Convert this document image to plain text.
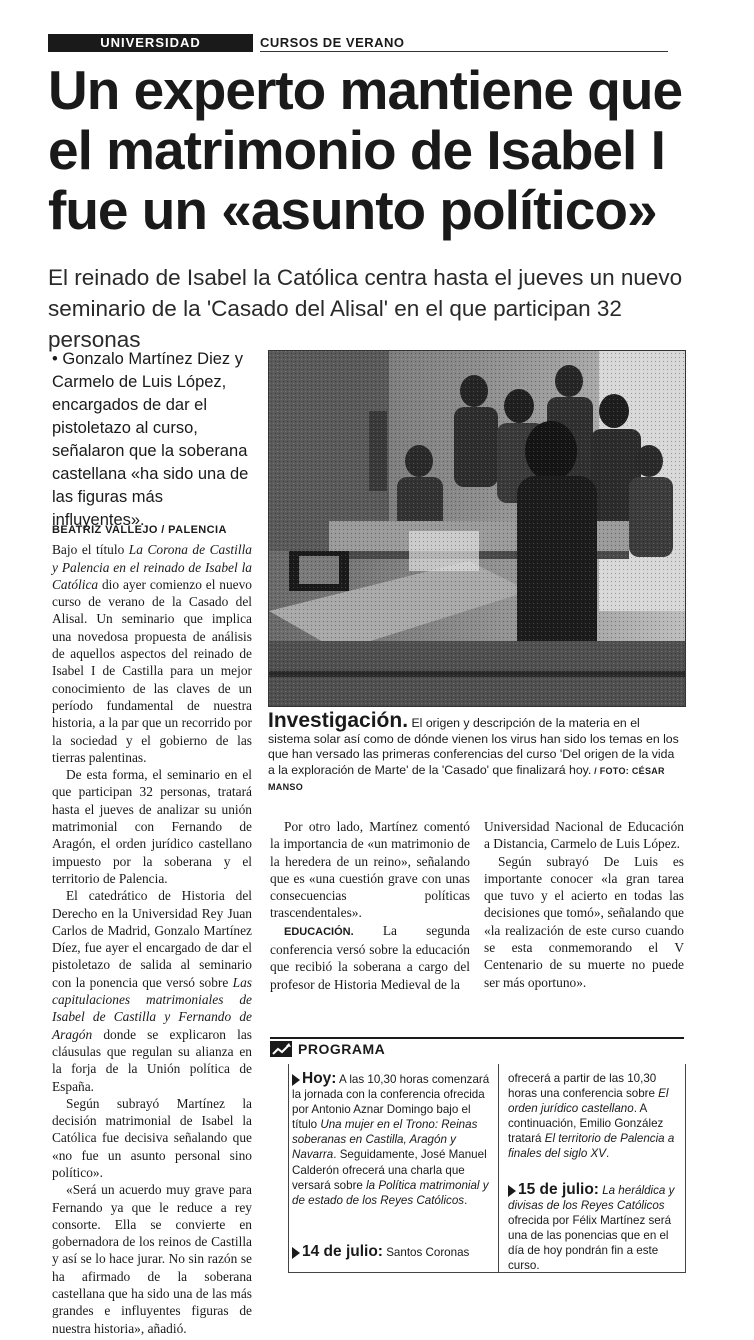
UNIVERSIDAD	CURSOS DE VERANO
Un experto mantiene que el matrimonio de Isabel I fue un «asunto político»

El reinado de Isabel la Católica centra hasta el jueves un nuevo seminario de la 'Casado del Alisal' en el que participan 32 personas

• Gonzalo Martínez Diez y Carmelo de Luis López, encargados de dar el pistoletazo al curso, señalaron que la soberana castellana «ha sido una de las figuras más influyentes».

BEATRIZ VALLEJO / PALENCIA

Bajo el título La Corona de Castilla y Palencia en el reinado de Isabel la Católica dio ayer comienzo el nuevo curso de verano de la Casado del Alisal. Un seminario que implica una novedosa propuesta de análisis de aquellos aspectos del reinado de Isabel I de Castilla para un mejor conocimiento de las claves de un período fundamental de nuestra historia, a la par que un recorrido por la sociedad y el gobierno de las tierras palentinas.

De esta forma, el seminario en el que participan 32 personas, tratará hasta el jueves de analizar su unión matrimonial con Fernando de Aragón, el orden jurídico castellano impuesto por la soberana y el territorio de Palencia.

El catedrático de Historia del Derecho en la Universidad Rey Juan Carlos de Madrid, Gonzalo Martínez Díez, fue ayer el encargado de dar el pistoletazo de salida al seminario con la ponencia que versó sobre Las capitulaciones matrimoniales de Isabel de Castilla y Fernando de Aragón donde se explicaron las cláusulas que regulan su alianza en la forja de la Unión política de España.

Según subrayó Martínez la decisión matrimonial de Isabel la Católica fue decisiva señalando que «no fue un asunto personal sino político».

«Será un acuerdo muy grave para Fernando ya que le reduce a rey consorte. Ella se convierte en gobernadora de los reinos de Castilla y así se lo hace jurar. No sin razón se ha afirmado de la soberana castellana que ha sido una de las más grandes e influyentes figuras de nuestra historia», añadió.

Investigación. El origen y descripción de la materia en el sistema solar así como de dónde vienen los virus han sido los temas en los que han versado las primeras conferencias del curso 'Del origen de la vida a la exploración de Marte' de la 'Casado' que finalizará hoy. / FOTO: CÉSAR MANSO

Por otro lado, Martínez comentó la importancia de «un matrimonio de la heredera de un reino», señalando que es «una cuestión grave con unas consecuencias políticas trascendentales».

EDUCACIÓN. La segunda conferencia versó sobre la educación que recibió la soberana a cargo del profesor de Historia Medieval de la

Universidad Nacional de Educación a Distancia, Carmelo de Luis López.

Según subrayó De Luis es importante conocer «la gran tarea que tuvo y el acierto en todas las decisiones que tomó», señalando que «la realización de este curso cuando se esta conmemorando el V Centenario de su muerte no puede ser más oportuno».

PROGRAMA
Hoy: A las 10,30 horas comenzará la jornada con la conferencia ofrecida por Antonio Aznar Domingo bajo el título Una mujer en el Trono: Reinas soberanas en Castilla, Aragón y Navarra. Seguidamente, José Manuel Calderón ofrecerá una charla que versará sobre la Política matrimonial y de estado de los Reyes Católicos.
14 de julio: Santos Coronas
ofrecerá a partir de las 10,30 horas una conferencia sobre El orden jurídico castellano. A continuación, Emilio González tratará El territorio de Palencia a finales del siglo XV.
15 de julio: La heráldica y divisas de los Reyes Católicos ofrecida por Félix Martínez será una de las ponencias que en el día de hoy pondrán fin a este curso.
